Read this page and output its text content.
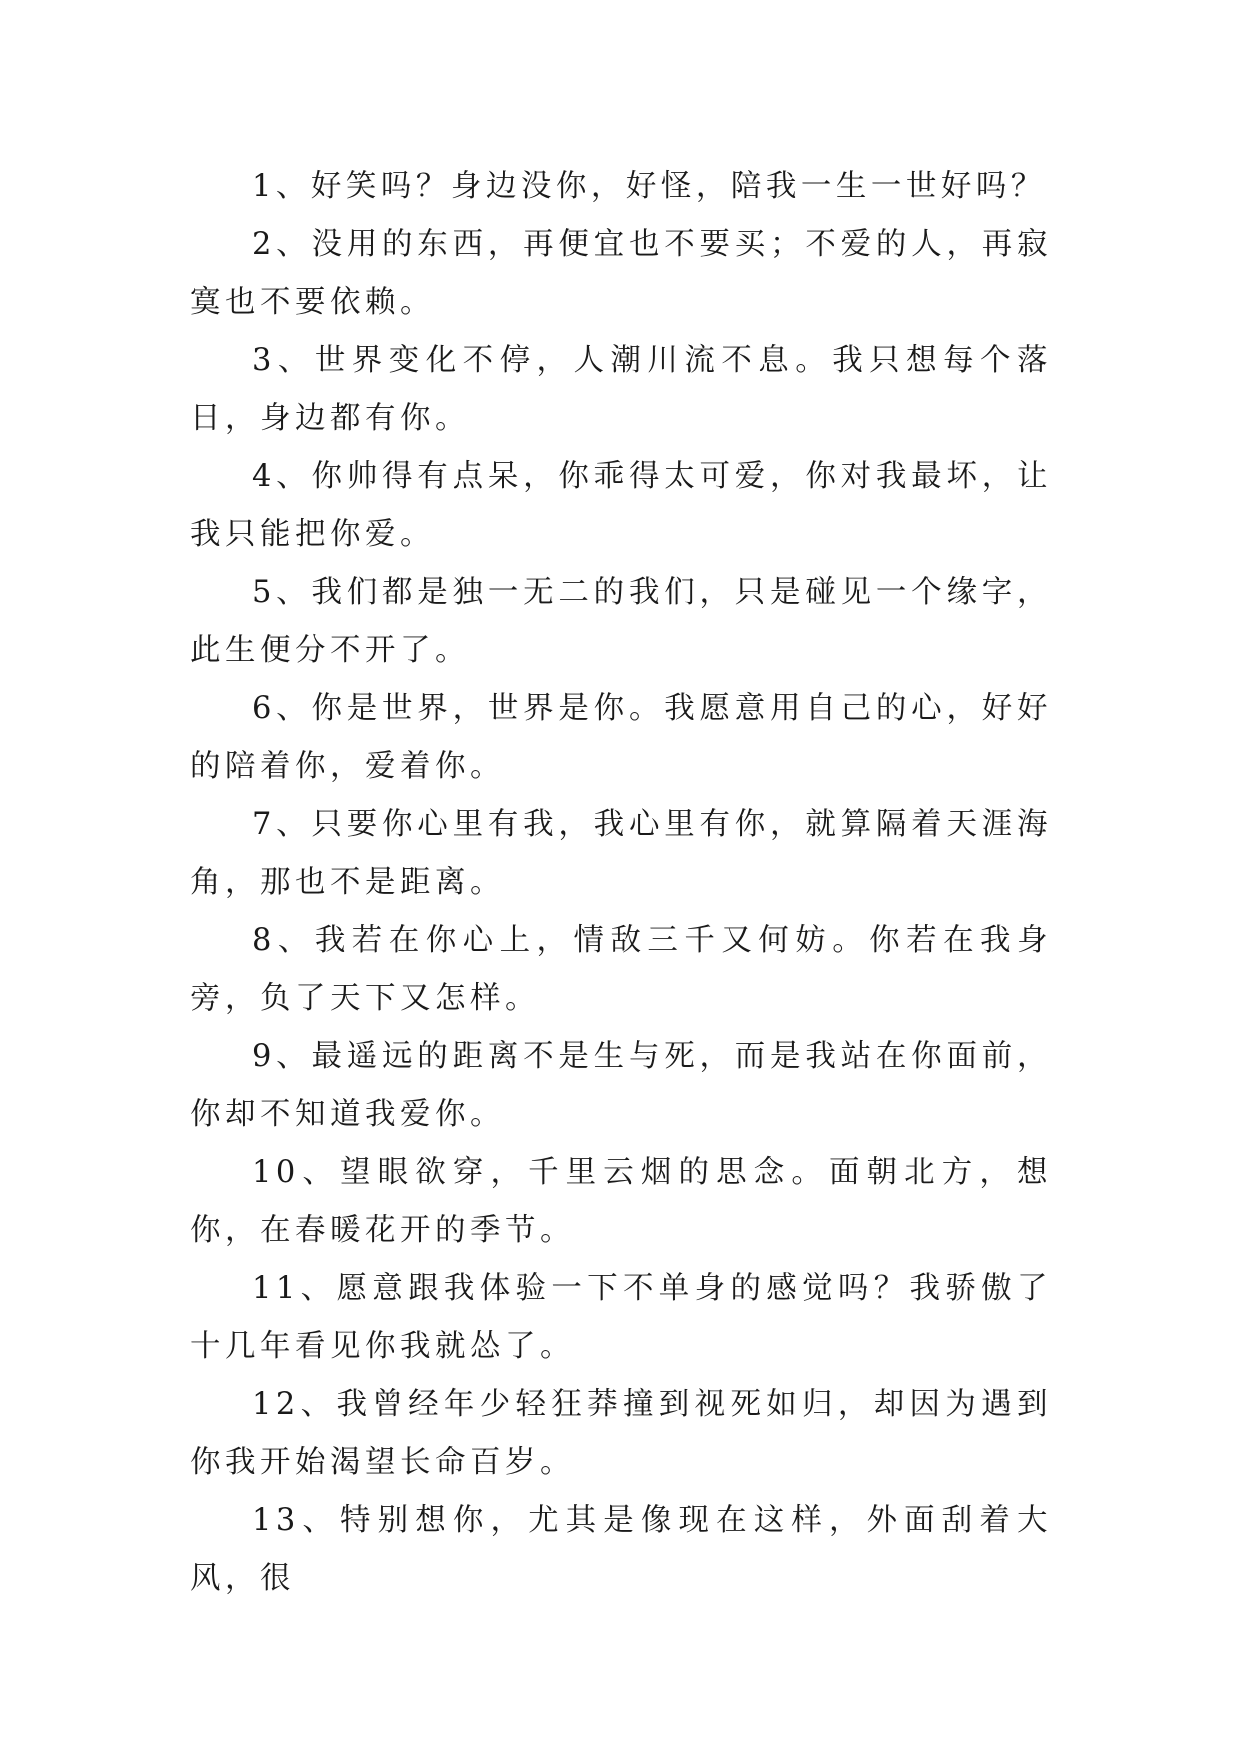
1、好笑吗？身边没你，好怪，陪我一生一世好吗？

2、没用的东西，再便宜也不要买；不爱的人，再寂寞也不要依赖。

3、世界变化不停，人潮川流不息。我只想每个落日，身边都有你。

4、你帅得有点呆，你乖得太可爱，你对我最坏，让我只能把你爱。

5、我们都是独一无二的我们，只是碰见一个缘字，此生便分不开了。

6、你是世界，世界是你。我愿意用自己的心，好好的陪着你，爱着你。

7、只要你心里有我，我心里有你，就算隔着天涯海角，那也不是距离。

8、我若在你心上，情敌三千又何妨。你若在我身旁，负了天下又怎样。

9、最遥远的距离不是生与死，而是我站在你面前，你却不知道我爱你。

10、望眼欲穿，千里云烟的思念。面朝北方，想你，在春暖花开的季节。

11、愿意跟我体验一下不单身的感觉吗？我骄傲了十几年看见你我就怂了。

12、我曾经年少轻狂莽撞到视死如归，却因为遇到你我开始渴望长命百岁。

13、特别想你，尤其是像现在这样，外面刮着大风，很
